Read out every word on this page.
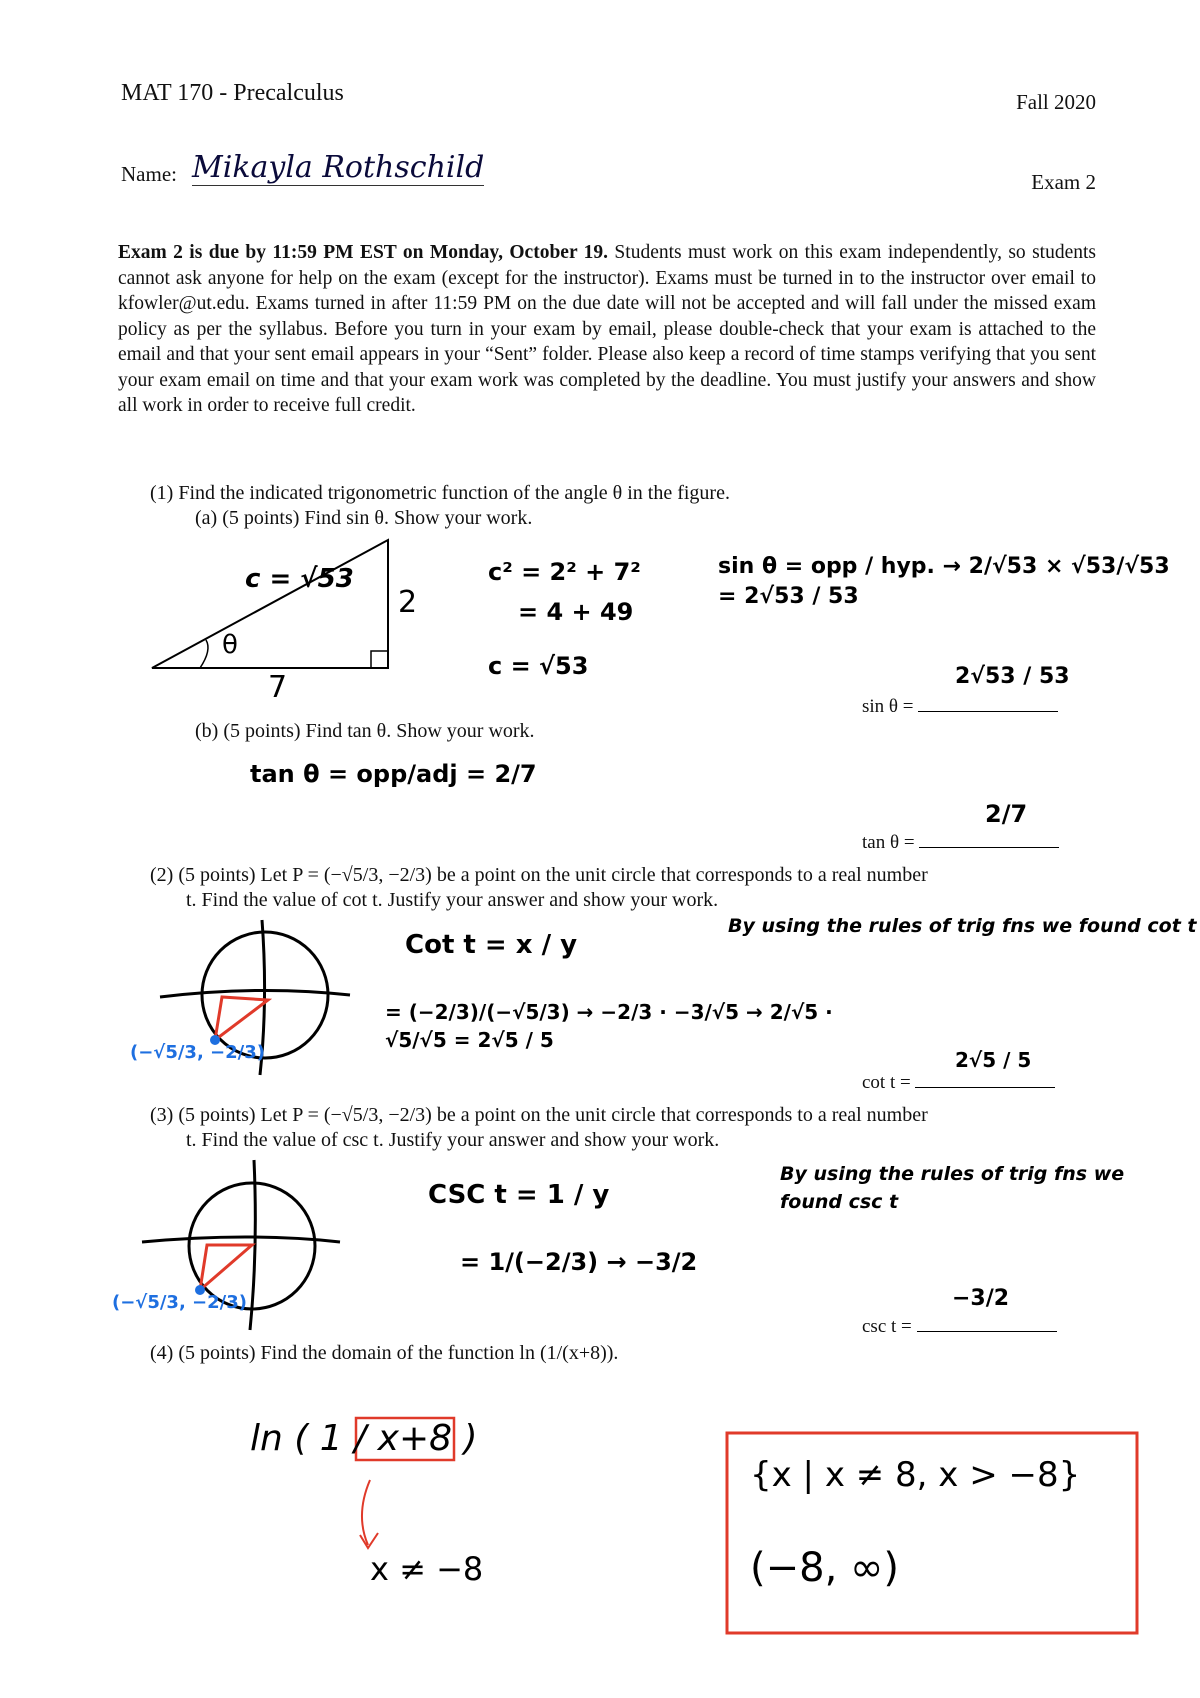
MAT 170 - Precalculus	Fall 2020
Name: Mikayla Rothschild	Exam 2
Exam 2 is due by 11:59 PM EST on Monday, October 19. Students must work on this exam independently, so students cannot ask anyone for help on the exam (except for the instructor). Exams must be turned in to the instructor over email to kfowler@ut.edu. Exams turned in after 11:59 PM on the due date will not be accepted and will fall under the missed exam policy as per the syllabus. Before you turn in your exam by email, please double-check that your exam is attached to the email and that your sent email appears in your “Sent” folder. Please also keep a record of time stamps verifying that you sent your exam email on time and that your exam work was completed by the deadline. You must justify your answers and show all work in order to receive full credit.
(1) Find the indicated trigonometric function of the angle θ in the figure.
(a) (5 points) Find sin θ. Show your work.
c = √53
2
7
θ
c² = 2² + 7²
= 4 + 49
c = √53
sin θ = opp / hyp. → 2/√53 × √53/√53 = 2√53 / 53
sin θ =
2√53 / 53
(b) (5 points) Find tan θ. Show your work.
tan θ = opp/adj = 2/7
tan θ =
2/7
(2) (5 points) Let P = (−√5/3, −2/3) be a point on the unit circle that corresponds to a real number
t. Find the value of cot t. Justify your answer and show your work.
(−√5/3, −2/3)
Cot t = x / y
= (−2/3)/(−√5/3) → −2/3 · −3/√5 → 2/√5 · √5/√5 = 2√5 / 5
By using the rules of trig fns we found cot t
cot t =
2√5 / 5
(3) (5 points) Let P = (−√5/3, −2/3) be a point on the unit circle that corresponds to a real number
t. Find the value of csc t. Justify your answer and show your work.
(−√5/3, −2/3)
CSC t = 1 / y
= 1/(−2/3) → −3/2
By using the rules of trig fns we found csc t
csc t =
−3/2
(4) (5 points) Find the domain of the function ln (1/(x+8)).
ln ( 1 / x+8 )
x ≠ −8
{x | x ≠ 8, x > −8}
(−8, ∞)
